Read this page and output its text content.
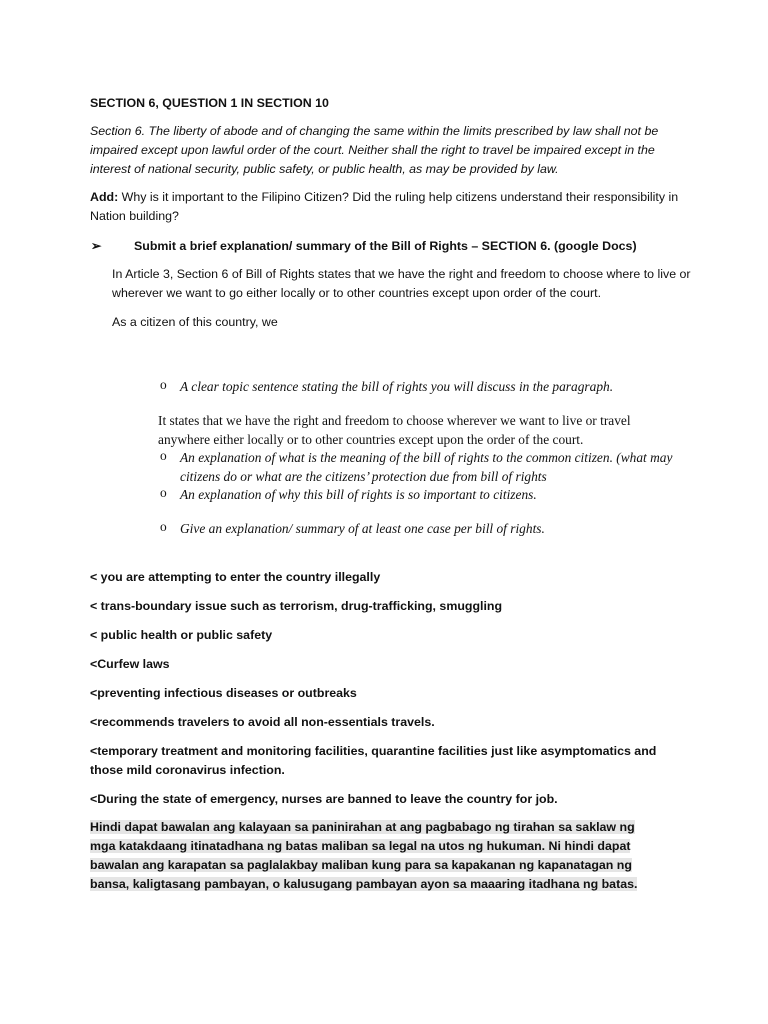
SECTION 6, QUESTION 1 IN SECTION 10
Section 6. The liberty of abode and of changing the same within the limits prescribed by law shall not be impaired except upon lawful order of the court. Neither shall the right to travel be impaired except in the interest of national security, public safety, or public health, as may be provided by law.
Add: Why is it important to the Filipino Citizen? Did the ruling help citizens understand their responsibility in Nation building?
➢	Submit a brief explanation/ summary of the Bill of Rights – SECTION 6. (google Docs)
In Article 3, Section 6 of Bill of Rights states that we have the right and freedom to choose where to live or wherever we want to go either locally or to other countries except upon order of the court.
As a citizen of this country, we
o A clear topic sentence stating the bill of rights you will discuss in the paragraph.
It states that we have the right and freedom to choose wherever we want to live or travel anywhere either locally or to other countries except upon the order of the court.
o An explanation of what is the meaning of the bill of rights to the common citizen. (what may citizens do or what are the citizens’ protection due from bill of rights
o An explanation of why this bill of rights is so important to citizens.
o Give an explanation/ summary of at least one case per bill of rights.
< you are attempting to enter the country illegally
< trans-boundary issue such as terrorism, drug-trafficking, smuggling
< public health or public safety
<Curfew laws
<preventing infectious diseases or outbreaks
<recommends travelers to avoid all non-essentials travels.
<temporary treatment and monitoring facilities, quarantine facilities just like asymptomatics and those mild coronavirus infection.
<During the state of emergency, nurses are banned to leave the country for job.
Hindi dapat bawalan ang kalayaan sa paninirahan at ang pagbabago ng tirahan sa saklaw ng mga katakdaang itinatadhana ng batas maliban sa legal na utos ng hukuman. Ni hindi dapat bawalan ang karapatan sa paglalakbay maliban kung para sa kapakanan ng kapanatagan ng bansa, kaligtasang pambayan, o kalusugang pambayan ayon sa maaaring itadhana ng batas.
